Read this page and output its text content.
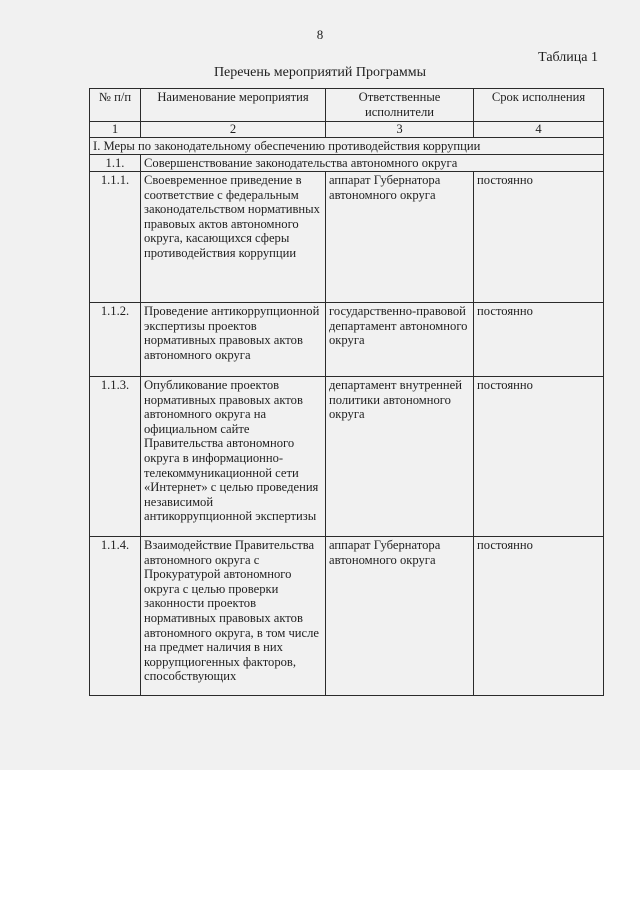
8
Таблица 1
Перечень мероприятий Программы
№ п/п	Наименование мероприятия	Ответственные исполнители	Срок исполнения
1	2	3	4
I. Меры по законодательному обеспечению противодействия коррупции			
1.1.	Совершенствование законодательства автономного округа		
1.1.1.	Своевременное приведение в соответствие с федеральным законодательством нормативных правовых актов автономного округа, касающихся сферы противодействия коррупции	аппарат Губернатора автономного округа	постоянно
1.1.2.	Проведение антикоррупционной экспертизы проектов нормативных правовых актов автономного округа	государственно-правовой департамент автономного округа	постоянно
1.1.3.	Опубликование проектов нормативных правовых актов автономного округа на официальном сайте Правительства автономного округа в информационно-телекоммуникационной сети «Интернет» с целью проведения независимой антикоррупционной экспертизы	департамент внутренней политики автономного округа	постоянно
1.1.4.	Взаимодействие Правительства автономного округа с Прокуратурой автономного округа с целью проверки законности проектов нормативных правовых актов автономного округа, в том числе на предмет наличия в них коррупциогенных факторов, способствующих	аппарат Губернатора автономного округа	постоянно
